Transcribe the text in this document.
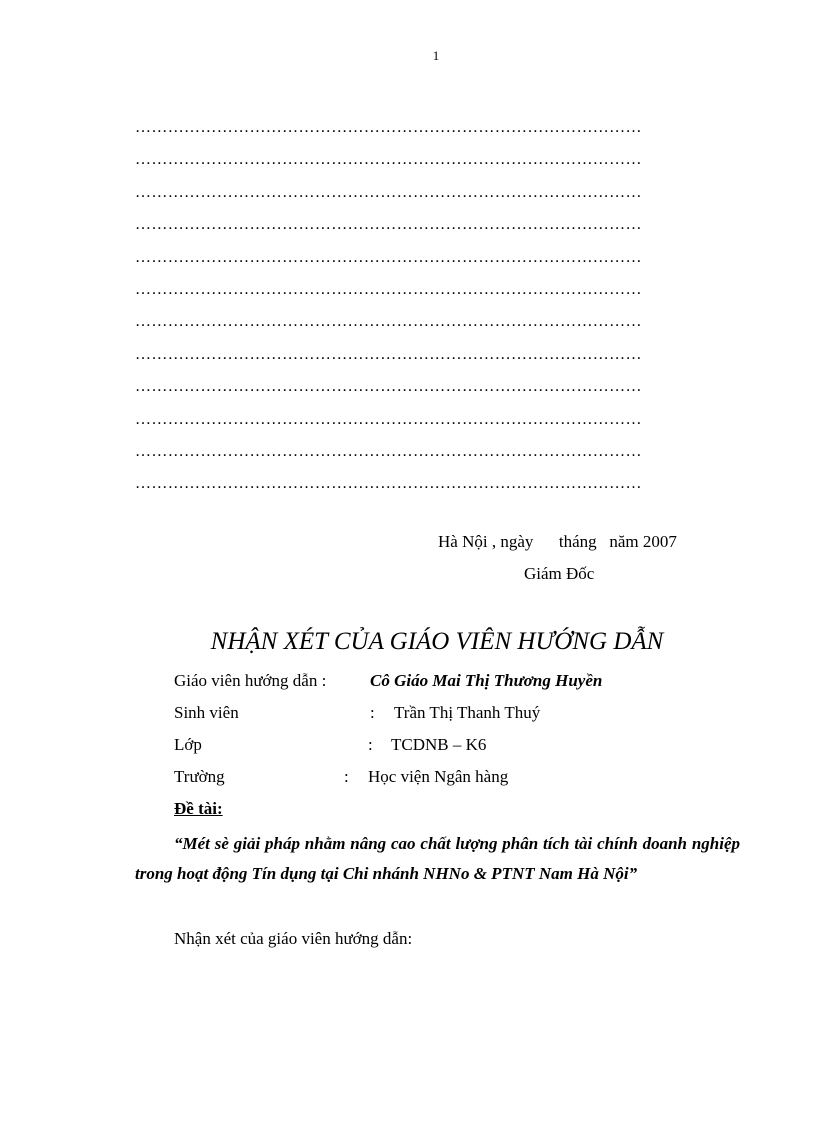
1
…………………………………………………………………………………
…………………………………………………………………………………
…………………………………………………………………………………
…………………………………………………………………………………
…………………………………………………………………………………
…………………………………………………………………………………
…………………………………………………………………………………
…………………………………………………………………………………
…………………………………………………………………………………
…………………………………………………………………………………
…………………………………………………………………………………
…………………………………………………………………………………
Hà Nội , ngày      tháng   năm 2007
Giám Đốc
NHẬN XÉT CỦA GIÁO VIÊN HƯỚNG DẪN
Giáo viên hướng dẫn :	Cô Giáo Mai Thị Thương Huyền
Sinh viên	: Trần Thị Thanh Thuý
Lớp	: TCDNB – K6
Trường	: Học viện Ngân hàng
Đề tài:
“Mét sè giải pháp nhằm nâng cao chất lượng phân tích tài chính doanh nghiệp trong hoạt động Tín dụng tại Chi nhánh NHNo & PTNT Nam Hà Nội”
Nhận xét của giáo viên hướng dẫn:
